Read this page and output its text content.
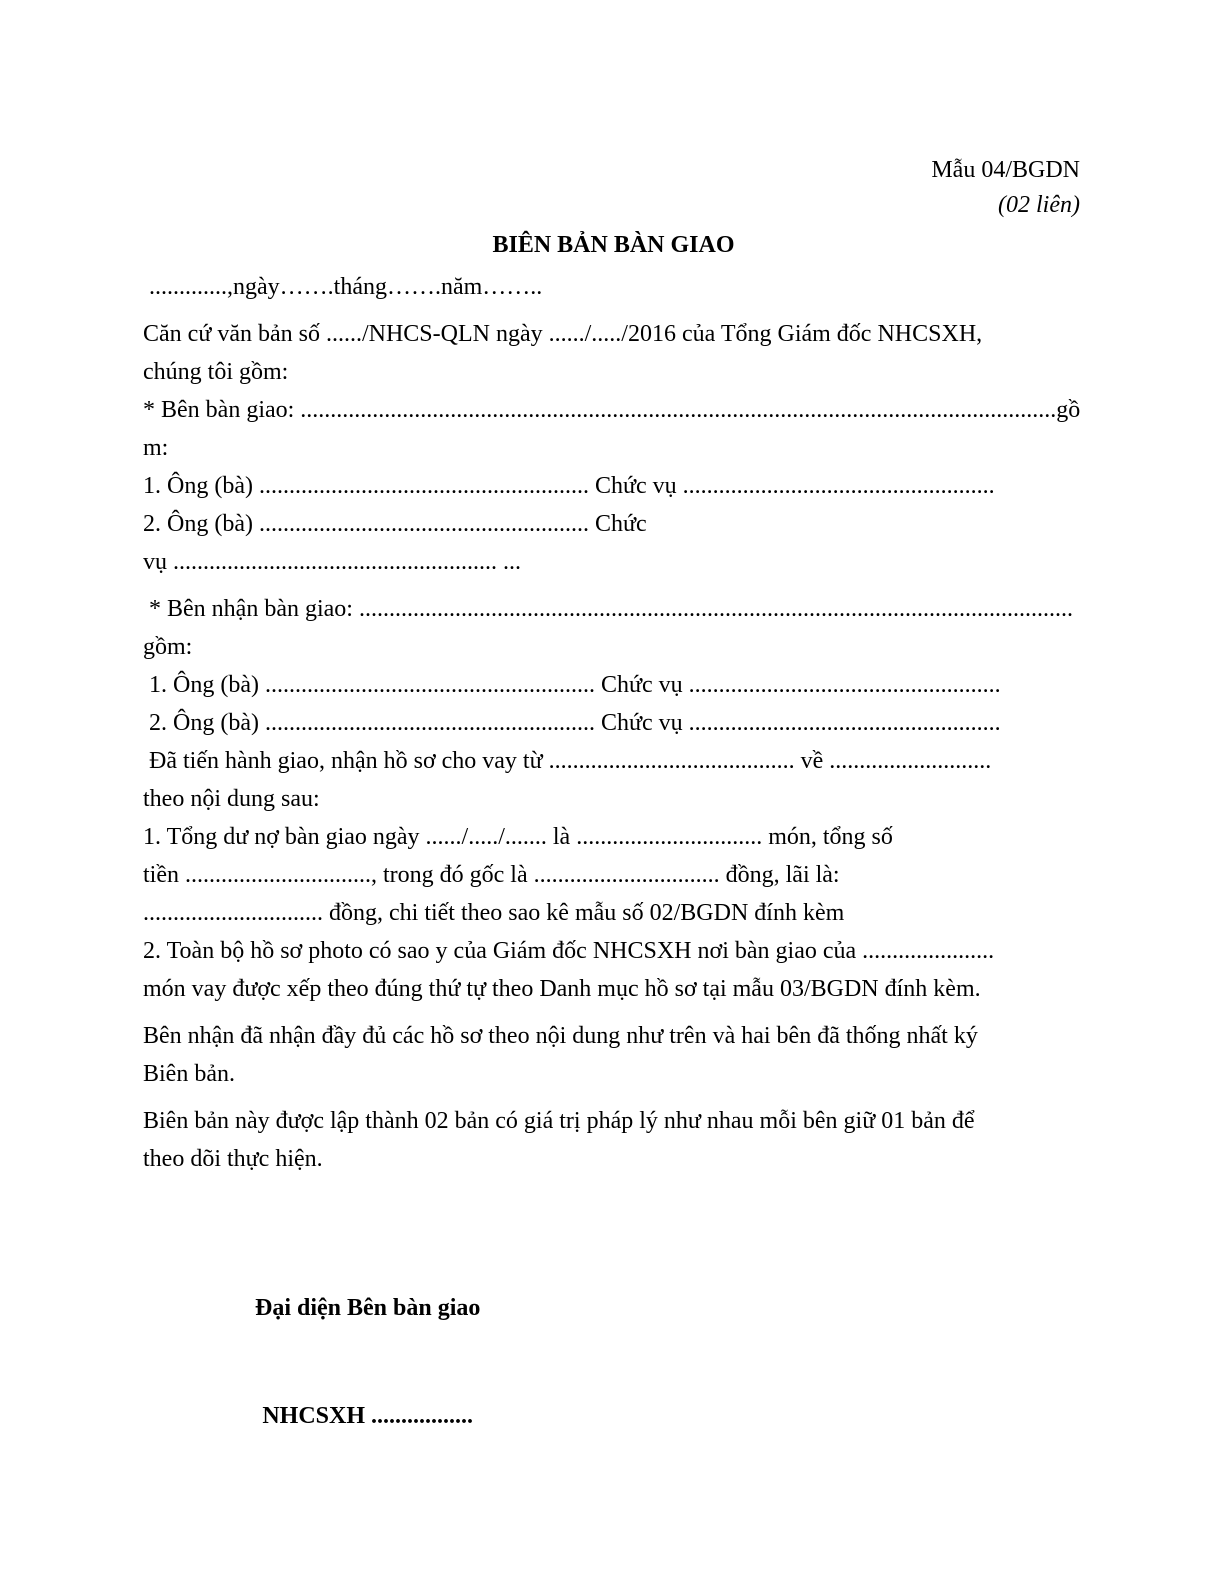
Mẫu 04/BGDN
(02 liên)
BIÊN BẢN BÀN GIAO
.............,ngày…….tháng…….năm……..
Căn cứ văn bản số ....../NHCS-QLN ngày ....../...../2016 của Tổng Giám đốc NHCSXH,
chúng tôi gồm:
* Bên bàn giao: ..............................................................................................................................gồm:
1. Ông (bà) ....................................................... Chức vụ ....................................................
2. Ông (bà) ....................................................... Chức
vụ ...................................................... ...
* Bên nhận bàn giao: .......................................................................................................................gồm:
1. Ông (bà) ....................................................... Chức vụ ....................................................
2. Ông (bà) ....................................................... Chức vụ ....................................................
Đã tiến hành giao, nhận hồ sơ cho vay từ ......................................... về ...........................
theo nội dung sau:
1. Tổng dư nợ bàn giao ngày ....../...../....... là ............................... món, tổng số
tiền ..............................., trong đó gốc là ............................... đồng, lãi là:
.............................. đồng, chi tiết theo sao kê mẫu số 02/BGDN đính kèm
2. Toàn bộ hồ sơ photo có sao y của Giám đốc NHCSXH nơi bàn giao của ......................
món vay được xếp theo đúng thứ tự theo Danh mục hồ sơ tại mẫu 03/BGDN đính kèm.
Bên nhận đã nhận đầy đủ các hồ sơ theo nội dung như trên và hai bên đã thống nhất ký
Biên bản.
Biên bản này được lập thành 02 bản có giá trị pháp lý như nhau mỗi bên giữ 01 bản để
theo dõi thực hiện.

Đại diện Bên bàn giao

NHCSXH .................
